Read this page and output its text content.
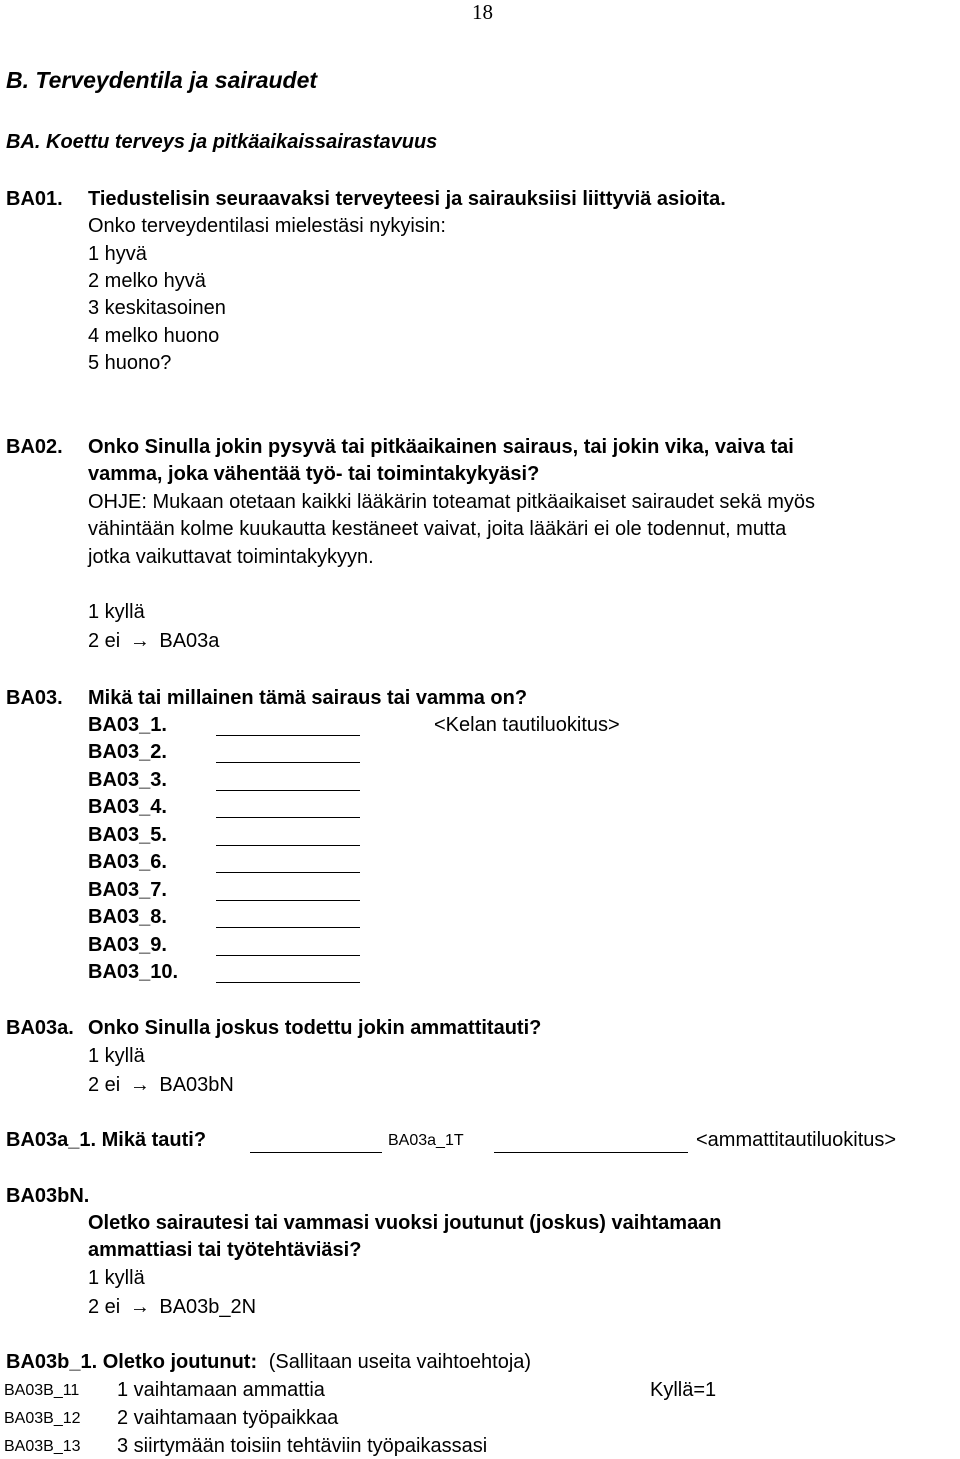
18
B. Terveydentila ja sairaudet
BA. Koettu terveys ja pitkäaikaissairastavuus
BA01. Tiedustelisin seuraavaksi terveyteesi ja sairauksiisi liittyviä asioita.
Onko terveydentilasi mielestäsi nykyisin:
1 hyvä
2 melko hyvä
3 keskitasoinen
4 melko huono
5 huono?
BA02. Onko Sinulla jokin pysyvä tai pitkäaikainen sairaus, tai jokin vika, vaiva tai
vamma, joka vähentää työ- tai toimintakykyäsi?
OHJE: Mukaan otetaan kaikki lääkärin toteamat pitkäaikaiset sairaudet sekä myös
vähintään kolme kuukautta kestäneet vaivat, joita lääkäri ei ole todennut, mutta
jotka vaikuttavat toimintakykyyn.
1 kyllä
2 ei → BA03a
BA03. Mikä tai millainen tämä sairaus tai vamma on?
BA03_1.	<Kelan tautiluokitus>
BA03_2.
BA03_3.
BA03_4.
BA03_5.
BA03_6.
BA03_7.
BA03_8.
BA03_9.
BA03_10.
BA03a. Onko Sinulla joskus todettu jokin ammattitauti?
1 kyllä
2 ei → BA03bN
BA03a_1. Mikä tauti?	BA03a_1T	<ammattitautiluokitus>
BA03bN.
Oletko sairautesi tai vammasi vuoksi joutunut (joskus) vaihtamaan
ammattiasi tai työtehtäviäsi?
1 kyllä
2 ei → BA03b_2N
BA03b_1. Oletko joutunut: (Sallitaan useita vaihtoehtoja)
BA03B_11 1 vaihtamaan ammattia	Kyllä=1
BA03B_12 2 vaihtamaan työpaikkaa
BA03B_13 3 siirtymään toisiin tehtäviin työpaikassasi
